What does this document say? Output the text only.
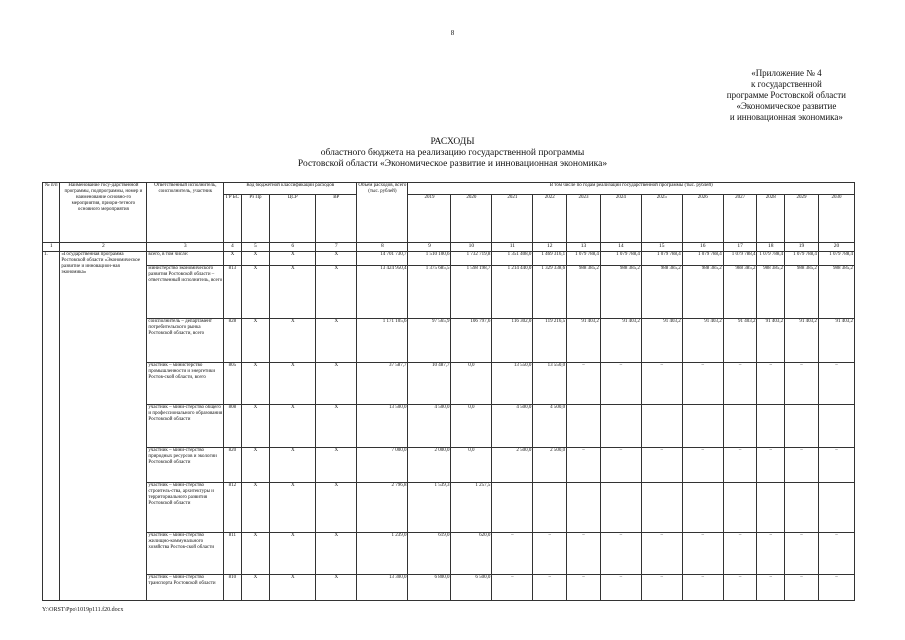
8
«Приложение № 4
к государственной
программе Ростовской области
«Экономическое развитие
и инновационная экономика»
РАСХОДЫ
областного бюджета на реализацию государственной программы
Ростовской области «Экономическое развитие и инновационная экономика»
№ п/п	Наименование госу-дарственной программы, подпрограммы, номер и наименование основно-го мероприятия, приори-тетного основного мероприятия	Ответственный исполнитель, соисполнитель, участник	Код бюджетной классификации расходов				Объем расходов, всего (тыс. рублей)	В том числе по годам реализации государственной программы (тыс. рублей)											
			ГР БС	Рз Пр	ЦСР	ВР		2019	2020	2021	2022	2023	2024	2025	2026	2027	2028	2029	2030
1	2	3	4	5	6	7	8	9	10	11	12	13	14	15	16	17	18	19	20
1.	«Государственная программа Ростовской области «Экономическое развитие и инновацион-ная экономика»	всего, в том числе:	Х	Х	Х	Х	14 701 730,7	1 510 100,6	1 732 719,8	1 351 408,0	1 469 316,1	1 079 788,4	1 079 788,4	1 079 788,4	1 079 788,4	1 079 788,4	1 079 788,4	1 079 788,4	1 079 788,4
		министерство экономического развития Ростовской области – ответственный исполнитель, всего	813	Х	Х	Х	13 424 950,4	1 375 685,5	1 598 198,7	1 214 440,0	1 329 338,6	988 385,2	988 385,2	988 385,2	988 385,2	988 385,2	988 385,2	988 385,2	988 385,2
		соисполнитель – департамент потребительского рынка Ростовской области, всего	828	Х	Х	Х	1 171 105,6	97 565,9	106 797,6	116 302,0	119 216,5	91 403,2	91 403,2	91 403,2	91 403,2	91 403,2	91 403,2	91 403,2	91 403,2
		участник – министерство промышленности и энергетики Ростов-ской области, всего	805	Х	Х	Х	37 587,7	10 487,7	0,0	13 550,0	13 550,0	–	–	–	–	–	–	–	–
		участник – мини-стерство общего и профессионального образования Ростовской области	808	Х	Х	Х	13 500,0	4 500,0	0,0	4 500,0	4 500,0								
		участник – мини-стерство природных ресурсов и экологии Ростовской области	820	Х	Х	Х	7 000,0	2 000,0	0,0	2 500,0	2 500,0	–	–	–	–	–	–	–	–
		участник – мини-стерство строитель-ства, архитектуры и территориального развития Ростовской области	812	Х	Х	Х	2 796,8	1 539,3	1 257,5										
		участник – мини-стерство жилищно-коммунального хозяйства Ростов-ской области	811	Х	Х	Х	1 239,0	619,0	620,0	–	–	–	–	–	–	–	–	–	–
		участник – мини-стерство транспорта Ростовской области	810	Х	Х	Х	13 300,0	6 800,0	6 500,0	–	–	–	–	–	–	–	–	–	–
Y:\ORST\Ppo\1019p111.f20.docx
